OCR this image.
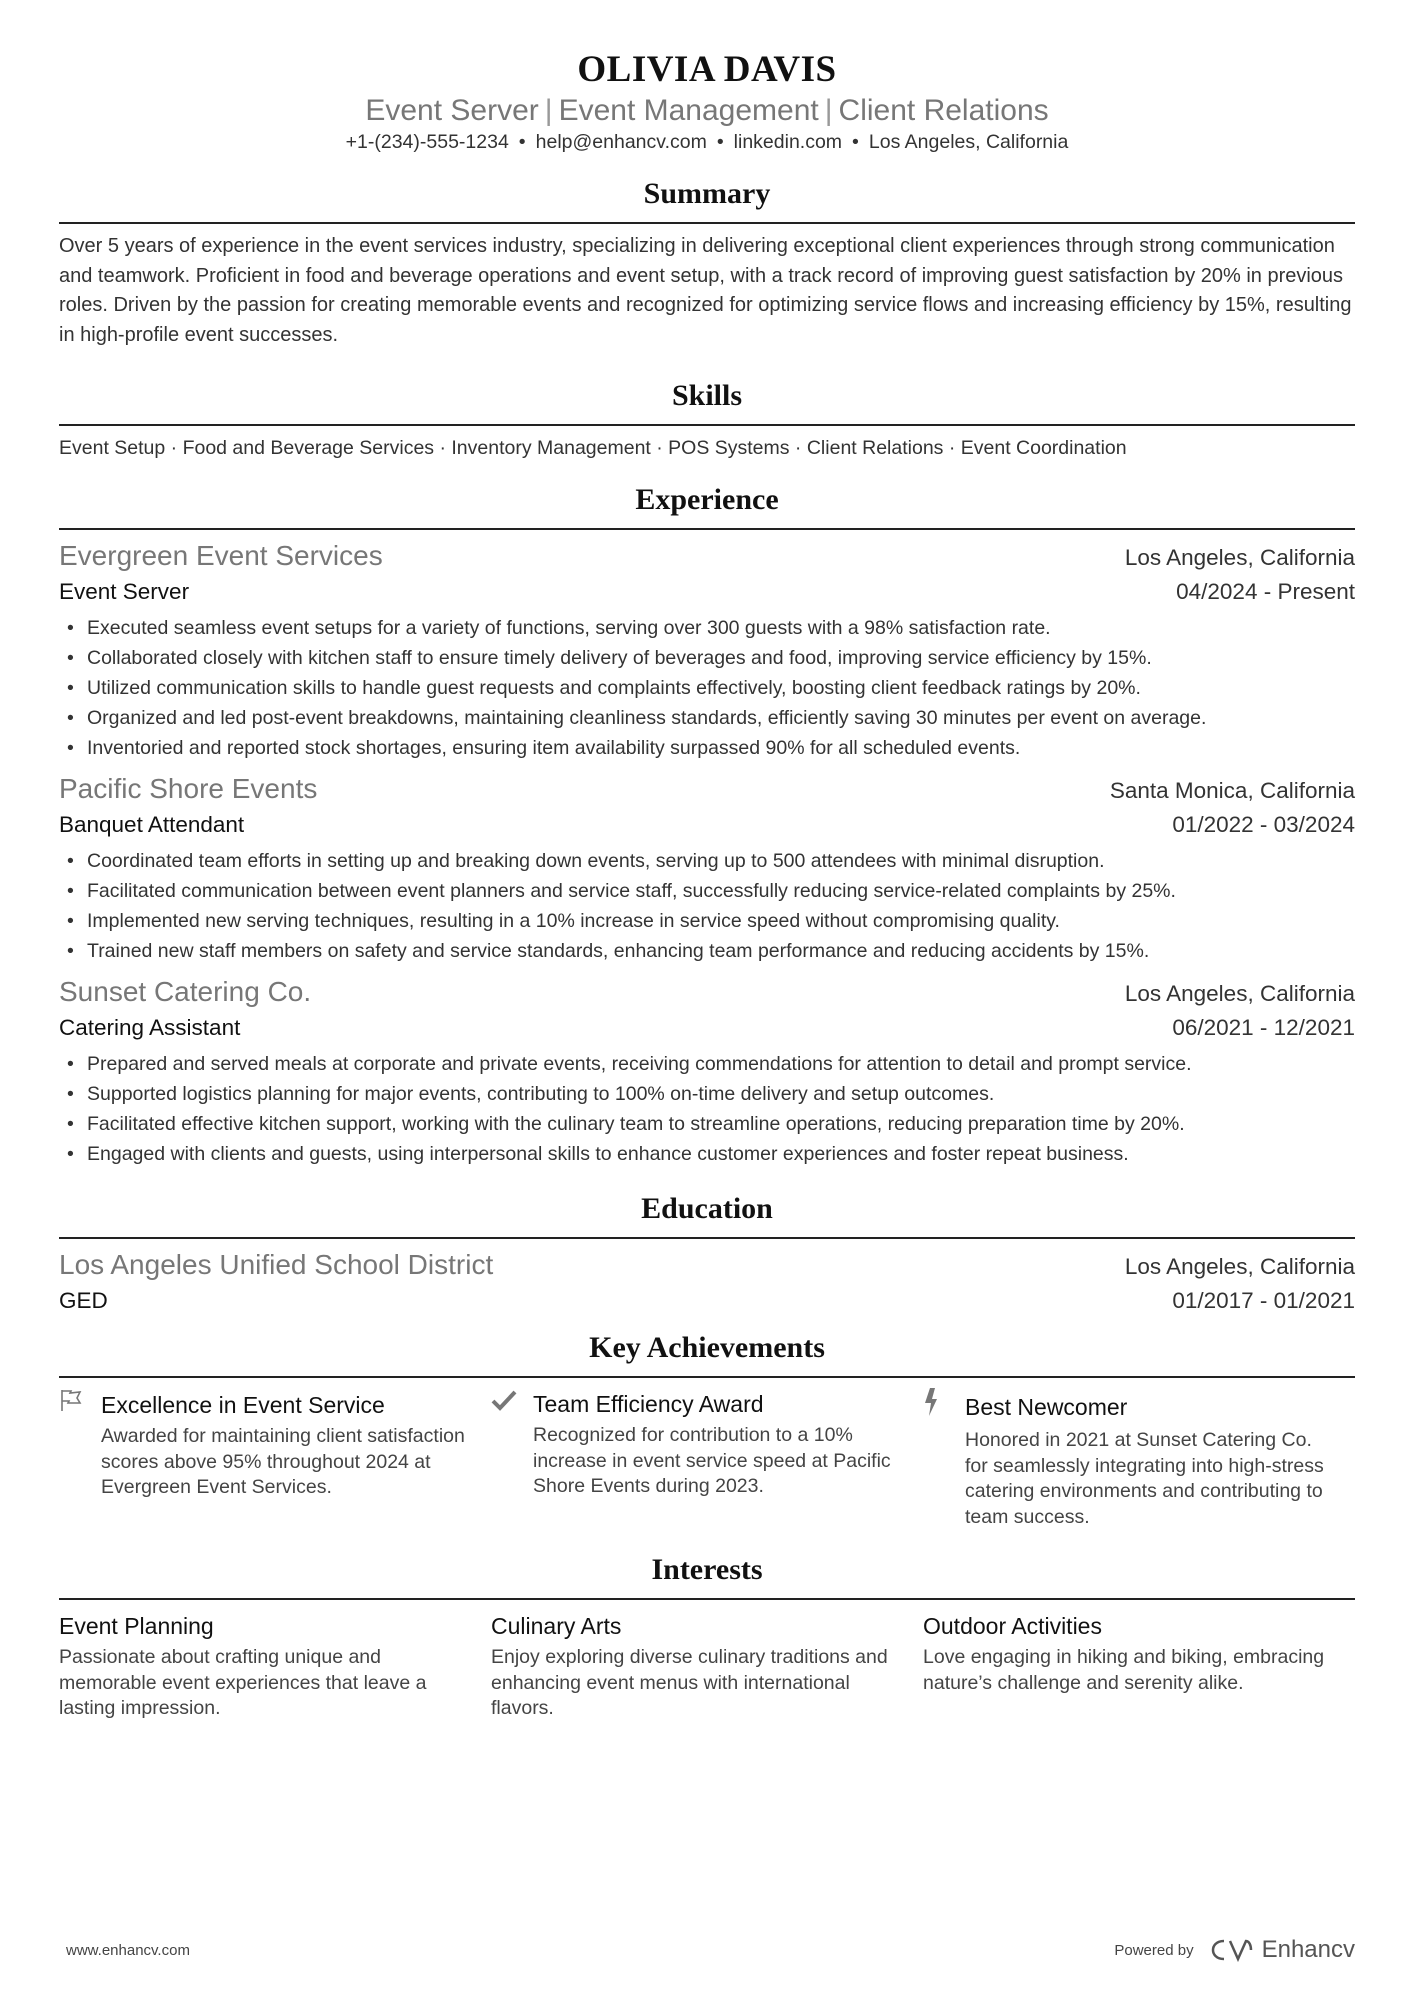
OLIVIA DAVIS
Event Server | Event Management | Client Relations
+1-(234)-555-1234 • help@enhancv.com • linkedin.com • Los Angeles, California
Summary
Over 5 years of experience in the event services industry, specializing in delivering exceptional client experiences through strong communication and teamwork. Proficient in food and beverage operations and event setup, with a track record of improving guest satisfaction by 20% in previous roles. Driven by the passion for creating memorable events and recognized for optimizing service flows and increasing efficiency by 15%, resulting in high-profile event successes.
Skills
Event Setup · Food and Beverage Services · Inventory Management · POS Systems · Client Relations · Event Coordination
Experience
Evergreen Event Services	Los Angeles, California
Event Server	04/2024 - Present
• Executed seamless event setups for a variety of functions, serving over 300 guests with a 98% satisfaction rate.
• Collaborated closely with kitchen staff to ensure timely delivery of beverages and food, improving service efficiency by 15%.
• Utilized communication skills to handle guest requests and complaints effectively, boosting client feedback ratings by 20%.
• Organized and led post-event breakdowns, maintaining cleanliness standards, efficiently saving 30 minutes per event on average.
• Inventoried and reported stock shortages, ensuring item availability surpassed 90% for all scheduled events.
Pacific Shore Events	Santa Monica, California
Banquet Attendant	01/2022 - 03/2024
• Coordinated team efforts in setting up and breaking down events, serving up to 500 attendees with minimal disruption.
• Facilitated communication between event planners and service staff, successfully reducing service-related complaints by 25%.
• Implemented new serving techniques, resulting in a 10% increase in service speed without compromising quality.
• Trained new staff members on safety and service standards, enhancing team performance and reducing accidents by 15%.
Sunset Catering Co.	Los Angeles, California
Catering Assistant	06/2021 - 12/2021
• Prepared and served meals at corporate and private events, receiving commendations for attention to detail and prompt service.
• Supported logistics planning for major events, contributing to 100% on-time delivery and setup outcomes.
• Facilitated effective kitchen support, working with the culinary team to streamline operations, reducing preparation time by 20%.
• Engaged with clients and guests, using interpersonal skills to enhance customer experiences and foster repeat business.
Education
Los Angeles Unified School District	Los Angeles, California
GED	01/2017 - 01/2021
Key Achievements
Excellence in Event Service
Awarded for maintaining client satisfaction scores above 95% throughout 2024 at Evergreen Event Services.
Team Efficiency Award
Recognized for contribution to a 10% increase in event service speed at Pacific Shore Events during 2023.
Best Newcomer
Honored in 2021 at Sunset Catering Co. for seamlessly integrating into high-stress catering environments and contributing to team success.
Interests
Event Planning
Passionate about crafting unique and memorable event experiences that leave a lasting impression.
Culinary Arts
Enjoy exploring diverse culinary traditions and enhancing event menus with international flavors.
Outdoor Activities
Love engaging in hiking and biking, embracing nature’s challenge and serenity alike.
www.enhancv.com	Powered by	Enhancv
